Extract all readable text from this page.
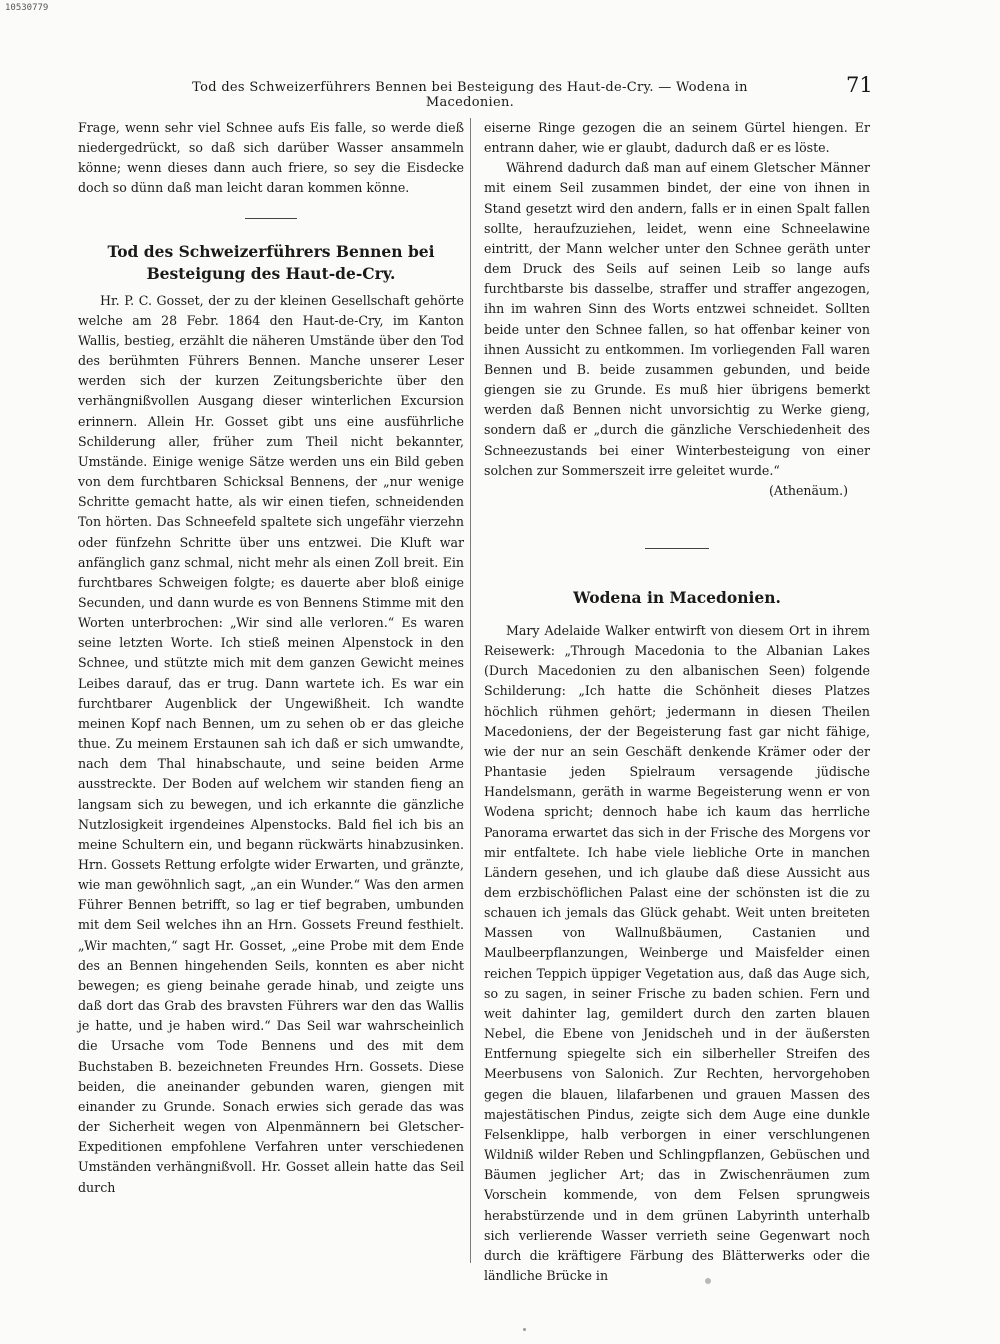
10530779
Tod des Schweizerführers Bennen bei Besteigung des Haut-de-Cry. — Wodena in Macedonien.
71

Frage, wenn sehr viel Schnee aufs Eis falle, so werde dieß niedergedrückt, so daß sich darüber Wasser ansammeln könne; wenn dieses dann auch friere, so sey die Eisdecke doch so dünn daß man leicht daran kommen könne.

Tod des Schweizerführers Bennen bei Besteigung des Haut-de-Cry.

Hr. P. C. Gosset, der zu der kleinen Gesellschaft gehörte welche am 28 Febr. 1864 den Haut-de-Cry, im Kanton Wallis, bestieg, erzählt die näheren Umstände über den Tod des berühmten Führers Bennen. Manche unserer Leser werden sich der kurzen Zeitungsberichte über den verhängnißvollen Ausgang dieser winterlichen Excursion erinnern. Allein Hr. Gosset gibt uns eine ausführliche Schilderung aller, früher zum Theil nicht bekannter, Umstände. Einige wenige Sätze werden uns ein Bild geben von dem furchtbaren Schicksal Bennens, der „nur wenige Schritte gemacht hatte, als wir einen tiefen, schneidenden Ton hörten. Das Schneefeld spaltete sich ungefähr vierzehn oder fünfzehn Schritte über uns entzwei. Die Kluft war anfänglich ganz schmal, nicht mehr als einen Zoll breit. Ein furchtbares Schweigen folgte; es dauerte aber bloß einige Secunden, und dann wurde es von Bennens Stimme mit den Worten unterbrochen: „Wir sind alle verloren.“ Es waren seine letzten Worte. Ich stieß meinen Alpenstock in den Schnee, und stützte mich mit dem ganzen Gewicht meines Leibes darauf, das er trug. Dann wartete ich. Es war ein furchtbarer Augenblick der Ungewißheit. Ich wandte meinen Kopf nach Bennen, um zu sehen ob er das gleiche thue. Zu meinem Erstaunen sah ich daß er sich umwandte, nach dem Thal hinabschaute, und seine beiden Arme ausstreckte. Der Boden auf welchem wir standen fieng an langsam sich zu bewegen, und ich erkannte die gänzliche Nutzlosigkeit irgendeines Alpenstocks. Bald fiel ich bis an meine Schultern ein, und begann rückwärts hinabzusinken. Hrn. Gossets Rettung erfolgte wider Erwarten, und gränzte, wie man gewöhnlich sagt, „an ein Wunder.“ Was den armen Führer Bennen betrifft, so lag er tief begraben, umbunden mit dem Seil welches ihn an Hrn. Gossets Freund festhielt. „Wir machten,“ sagt Hr. Gosset, „eine Probe mit dem Ende des an Bennen hingehenden Seils, konnten es aber nicht bewegen; es gieng beinahe gerade hinab, und zeigte uns daß dort das Grab des bravsten Führers war den das Wallis je hatte, und je haben wird.“ Das Seil war wahrscheinlich die Ursache vom Tode Bennens und des mit dem Buchstaben B. bezeichneten Freundes Hrn. Gossets. Diese beiden, die aneinander gebunden waren, giengen mit einander zu Grunde. Sonach erwies sich gerade das was der Sicherheit wegen von Alpenmännern bei Gletscher-Expeditionen empfohlene Verfahren unter verschiedenen Umständen verhängnißvoll. Hr. Gosset allein hatte das Seil durch

eiserne Ringe gezogen die an seinem Gürtel hiengen. Er entrann daher, wie er glaubt, dadurch daß er es löste.

Während dadurch daß man auf einem Gletscher Männer mit einem Seil zusammen bindet, der eine von ihnen in Stand gesetzt wird den andern, falls er in einen Spalt fallen sollte, heraufzuziehen, leidet, wenn eine Schneelawine eintritt, der Mann welcher unter den Schnee geräth unter dem Druck des Seils auf seinen Leib so lange aufs furchtbarste bis dasselbe, straffer und straffer angezogen, ihn im wahren Sinn des Worts entzwei schneidet. Sollten beide unter den Schnee fallen, so hat offenbar keiner von ihnen Aussicht zu entkommen. Im vorliegenden Fall waren Bennen und B. beide zusammen gebunden, und beide giengen sie zu Grunde. Es muß hier übrigens bemerkt werden daß Bennen nicht unvorsichtig zu Werke gieng, sondern daß er „durch die gänzliche Verschiedenheit des Schneezustands bei einer Winterbesteigung von einer solchen zur Sommerszeit irre geleitet wurde.“

(Athenäum.)
Wodena in Macedonien.

Mary Adelaide Walker entwirft von diesem Ort in ihrem Reisewerk: „Through Macedonia to the Albanian Lakes (Durch Macedonien zu den albanischen Seen) folgende Schilderung: „Ich hatte die Schönheit dieses Platzes höchlich rühmen gehört; jedermann in diesen Theilen Macedoniens, der der Begeisterung fast gar nicht fähige, wie der nur an sein Geschäft denkende Krämer oder der Phantasie jeden Spielraum versagende jüdische Handelsmann, geräth in warme Begeisterung wenn er von Wodena spricht; dennoch habe ich kaum das herrliche Panorama erwartet das sich in der Frische des Morgens vor mir entfaltete. Ich habe viele liebliche Orte in manchen Ländern gesehen, und ich glaube daß diese Aussicht aus dem erzbischöflichen Palast eine der schönsten ist die zu schauen ich jemals das Glück gehabt. Weit unten breiteten Massen von Wallnußbäumen, Castanien und Maulbeerpflanzungen, Weinberge und Maisfelder einen reichen Teppich üppiger Vegetation aus, daß das Auge sich, so zu sagen, in seiner Frische zu baden schien. Fern und weit dahinter lag, gemildert durch den zarten blauen Nebel, die Ebene von Jenidscheh und in der äußersten Entfernung spiegelte sich ein silberheller Streifen des Meerbusens von Salonich. Zur Rechten, hervorgehoben gegen die blauen, lilafarbenen und grauen Massen des majestätischen Pindus, zeigte sich dem Auge eine dunkle Felsenklippe, halb verborgen in einer verschlungenen Wildniß wilder Reben und Schlingpflanzen, Gebüschen und Bäumen jeglicher Art; das in Zwischenräumen zum Vorschein kommende, von dem Felsen sprungweis herabstürzende und in dem grünen Labyrinth unterhalb sich verlierende Wasser verrieth seine Gegenwart noch durch die kräftigere Färbung des Blätterwerks oder die ländliche Brücke in
